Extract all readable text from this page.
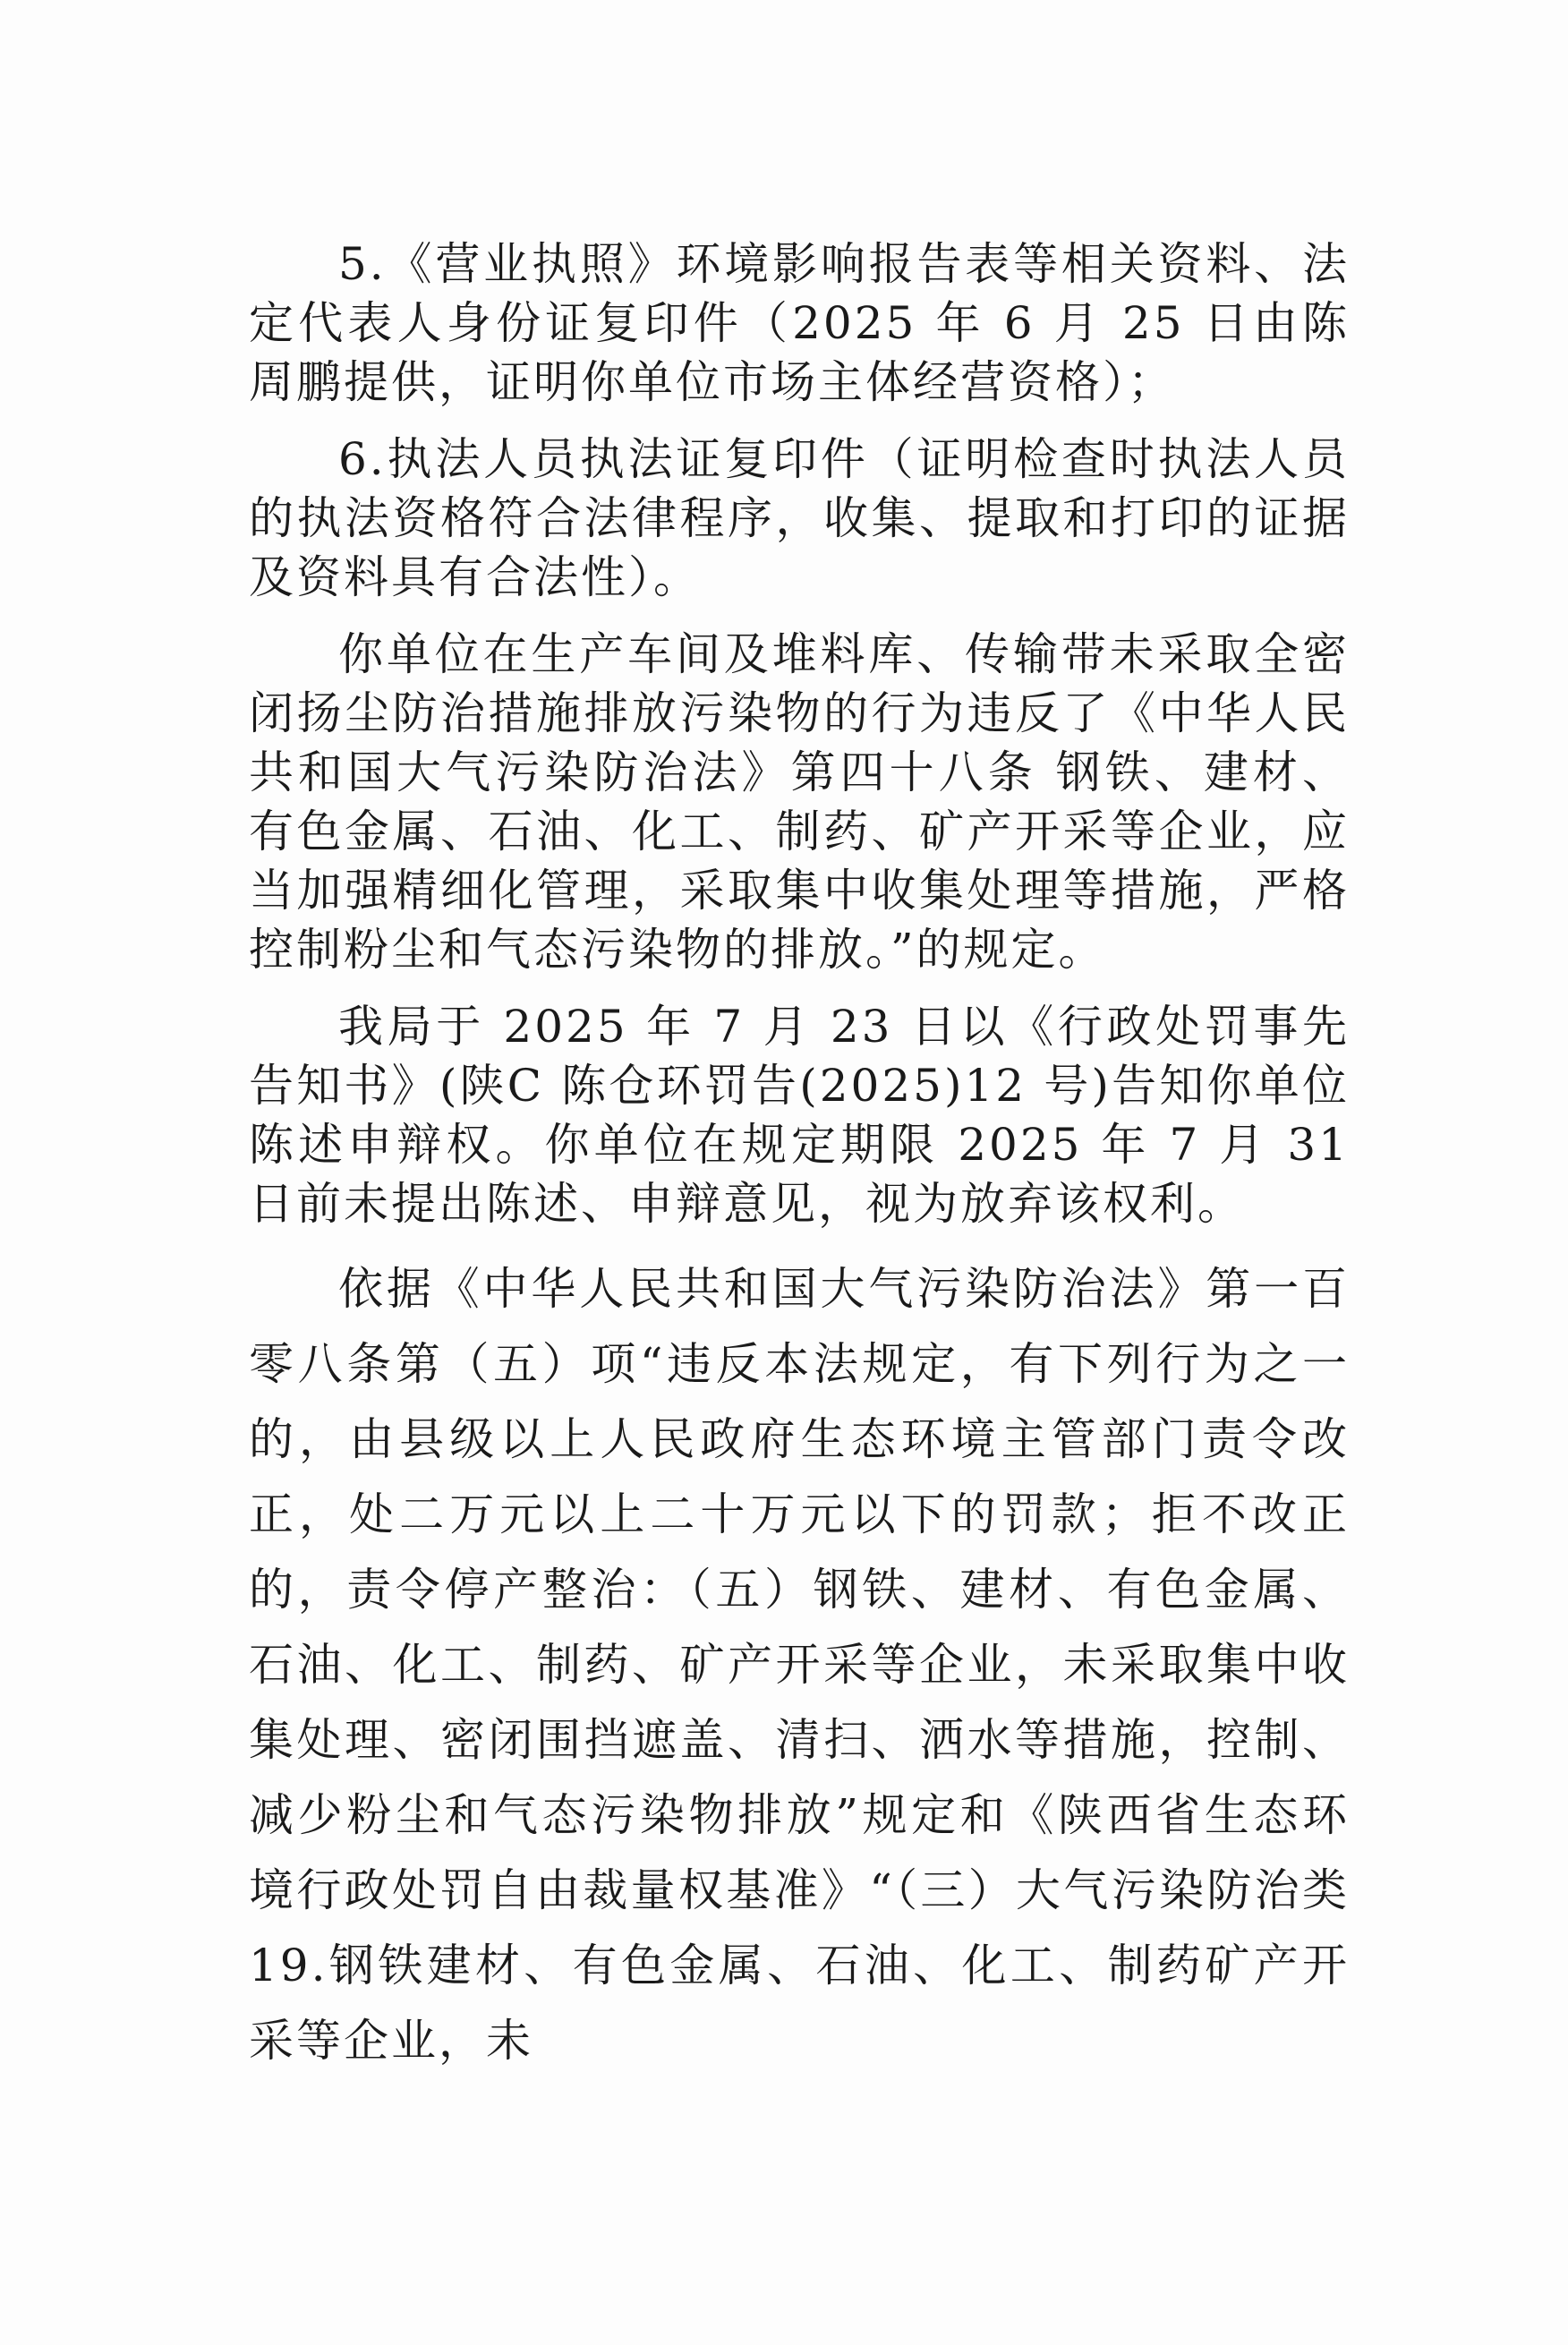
5.《营业执照》环境影响报告表等相关资料、法定代表人身份证复印件（2025 年 6 月 25 日由陈周鹏提供，证明你单位市场主体经营资格）；

6.执法人员执法证复印件（证明检查时执法人员的执法资格符合法律程序，收集、提取和打印的证据及资料具有合法性）。

你单位在生产车间及堆料库、传输带未采取全密闭扬尘防治措施排放污染物的行为违反了《中华人民共和国大气污染防治法》第四十八条 钢铁、建材、有色金属、石油、化工、制药、矿产开采等企业，应当加强精细化管理，采取集中收集处理等措施，严格控制粉尘和气态污染物的排放。”的规定。

我局于 2025 年 7 月 23 日以《行政处罚事先告知书》(陕C 陈仓环罚告(2025)12 号)告知你单位陈述申辩权。你单位在规定期限 2025 年 7 月 31 日前未提出陈述、申辩意见，视为放弃该权利。

依据《中华人民共和国大气污染防治法》第一百零八条第（五）项“违反本法规定，有下列行为之一的，由县级以上人民政府生态环境主管部门责令改正，处二万元以上二十万元以下的罚款；拒不改正的，责令停产整治：（五）钢铁、建材、有色金属、石油、化工、制药、矿产开采等企业，未采取集中收集处理、密闭围挡遮盖、清扫、洒水等措施，控制、减少粉尘和气态污染物排放”规定和《陕西省生态环境行政处罚自由裁量权基准》“（三）大气污染防治类 19.钢铁建材、有色金属、石油、化工、制药矿产开采等企业，未
